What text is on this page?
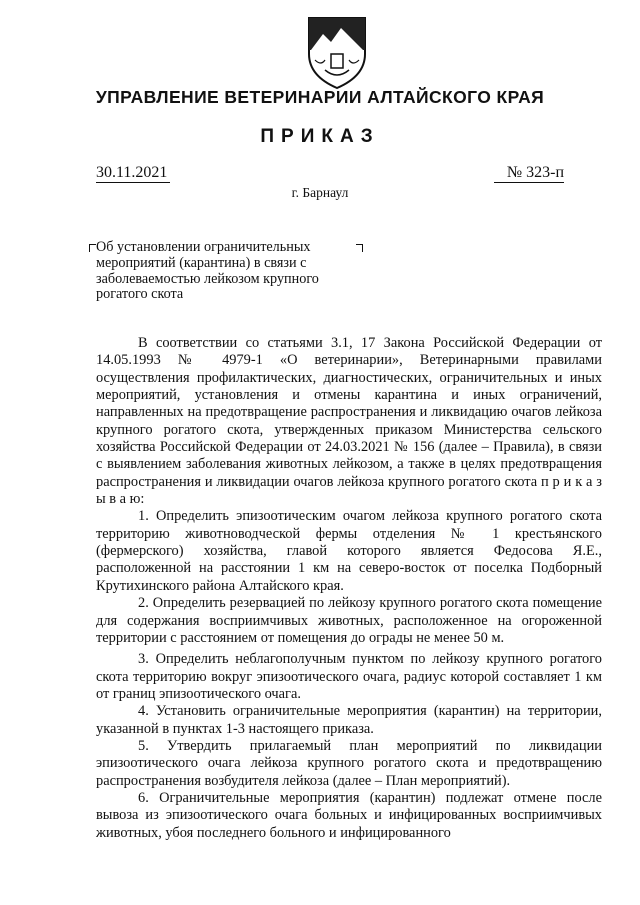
УПРАВЛЕНИЕ ВЕТЕРИНАРИИ АЛТАЙСКОГО КРАЯ
ПРИКАЗ
30.11.2021	№ 323-п
г. Барнаул
Об установлении ограничительных мероприятий (карантина) в связи с заболеваемостью лейкозом крупного рогатого скота

В соответствии со статьями 3.1, 17 Закона Российской Федерации от 14.05.1993 № 4979-1 «О ветеринарии», Ветеринарными правилами осуществления профилактических, диагностических, ограничительных и иных мероприятий, установления и отмены карантина и иных ограничений, направленных на предотвращение распространения и ликвидацию очагов лейкоза крупного рогатого скота, утвержденных приказом Министерства сельского хозяйства Российской Федерации от 24.03.2021 № 156 (далее – Правила), в связи с выявлением заболевания животных лейкозом, а также в целях предотвращения распространения и ликвидации очагов лейкоза крупного рогатого скота п р и к а з ы в а ю:

1. Определить эпизоотическим очагом лейкоза крупного рогатого скота территорию животноводческой фермы отделения № 1 крестьянского (фермерского) хозяйства, главой которого является Федосова Я.Е., расположенной на расстоянии 1 км на северо-восток от поселка Подборный Крутихинского района Алтайского края.

2. Определить резервацией по лейкозу крупного рогатого скота помещение для содержания восприимчивых животных, расположенное на огороженной территории с расстоянием от помещения до ограды не менее 50 м.

3. Определить неблагополучным пунктом по лейкозу крупного рогатого скота территорию вокруг эпизоотического очага, радиус которой составляет 1 км от границ эпизоотического очага.

4. Установить ограничительные мероприятия (карантин) на территории, указанной в пунктах 1-3 настоящего приказа.

5. Утвердить прилагаемый план мероприятий по ликвидации эпизоотического очага лейкоза крупного рогатого скота и предотвращению распространения возбудителя лейкоза (далее – План мероприятий).

6. Ограничительные мероприятия (карантин) подлежат отмене после вывоза из эпизоотического очага больных и инфицированных восприимчивых животных, убоя последнего больного и инфицированного
